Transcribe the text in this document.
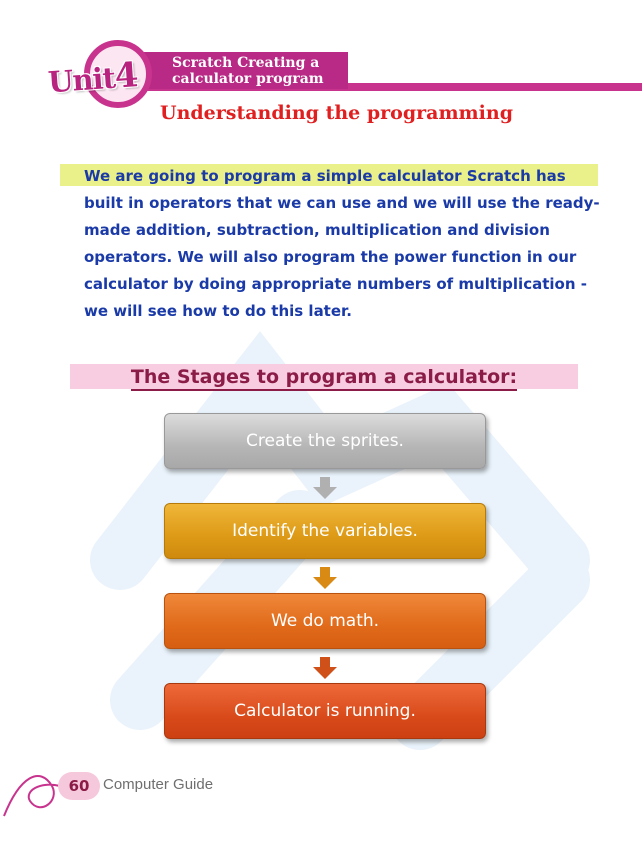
Scratch Creating a
calculator program
Unit4
Understanding the programming
We are going to program a simple calculator Scratch has built in operators that we can use and we will use the ready-made addition, subtraction, multiplication and division operators. We will also program the power function in our calculator by doing appropriate numbers of multiplication - we will see how to do this later.
The Stages to program a calculator:
Create the sprites.
Identify the variables.
We do math.
Calculator is running.
60 Computer Guide
